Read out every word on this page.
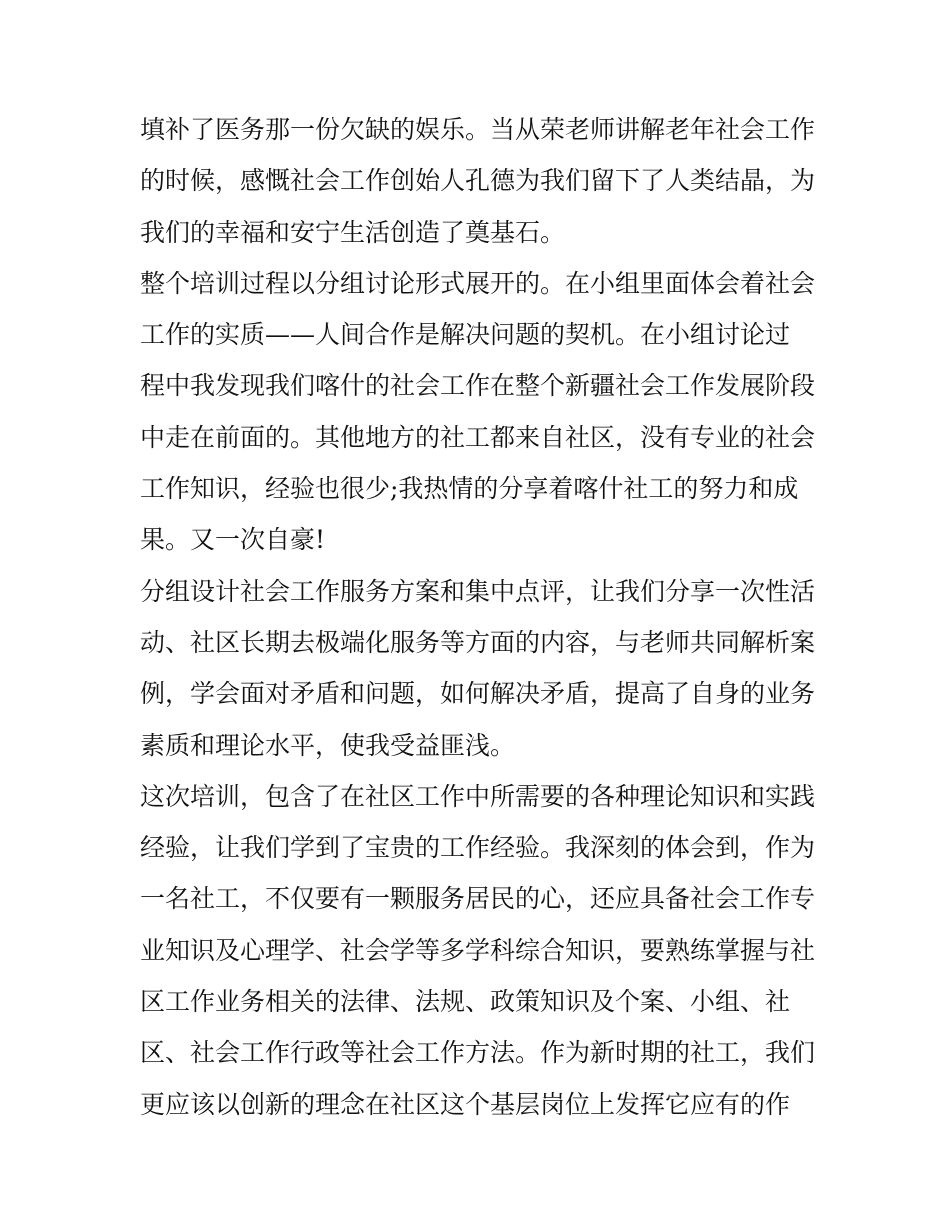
填补了医务那一份欠缺的娱乐。当从荣老师讲解老年社会工作
的时候，感慨社会工作创始人孔德为我们留下了人类结晶，为
我们的幸福和安宁生活创造了奠基石。
整个培训过程以分组讨论形式展开的。在小组里面体会着社会
工作的实质——人间合作是解决问题的契机。在小组讨论过
程中我发现我们喀什的社会工作在整个新疆社会工作发展阶段
中走在前面的。其他地方的社工都来自社区，没有专业的社会
工作知识，经验也很少;我热情的分享着喀什社工的努力和成
果。又一次自豪!
分组设计社会工作服务方案和集中点评，让我们分享一次性活
动、社区长期去极端化服务等方面的内容，与老师共同解析案
例，学会面对矛盾和问题，如何解决矛盾，提高了自身的业务
素质和理论水平，使我受益匪浅。
这次培训，包含了在社区工作中所需要的各种理论知识和实践
经验，让我们学到了宝贵的工作经验。我深刻的体会到，作为
一名社工，不仅要有一颗服务居民的心，还应具备社会工作专
业知识及心理学、社会学等多学科综合知识，要熟练掌握与社
区工作业务相关的法律、法规、政策知识及个案、小组、社
区、社会工作行政等社会工作方法。作为新时期的社工，我们
更应该以创新的理念在社区这个基层岗位上发挥它应有的作
